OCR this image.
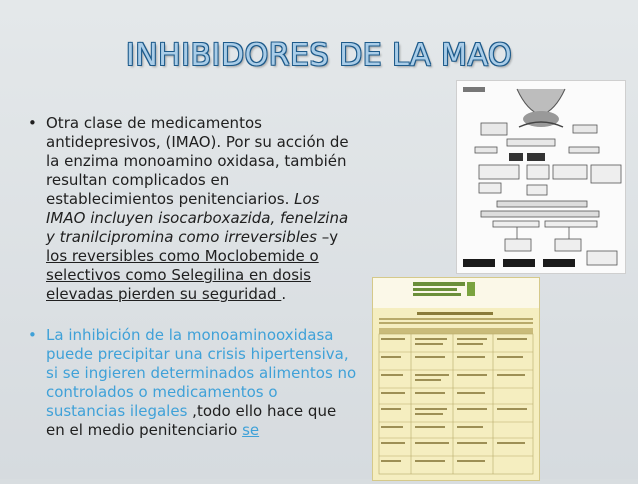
INHIBIDORES DE LA MAO
• Otra clase de medicamentos antidepresivos, (IMAO). Por su acción de la enzima monoamino oxidasa, también resultan complicados en establecimientos penitenciarios. Los IMAO incluyen isocarboxazida, fenelzina y tranilcipromina como irreversibles –y los reversibles como Moclobemide o selectivos como Selegilina en dosis elevadas pierden su seguridad .
• La inhibición de la monoaminooxidasa puede precipitar una crisis hipertensiva, si se ingieren determinados alimentos no controlados o medicamentos o sustancias ilegales ,todo ello hace que en el medio penitenciario se
